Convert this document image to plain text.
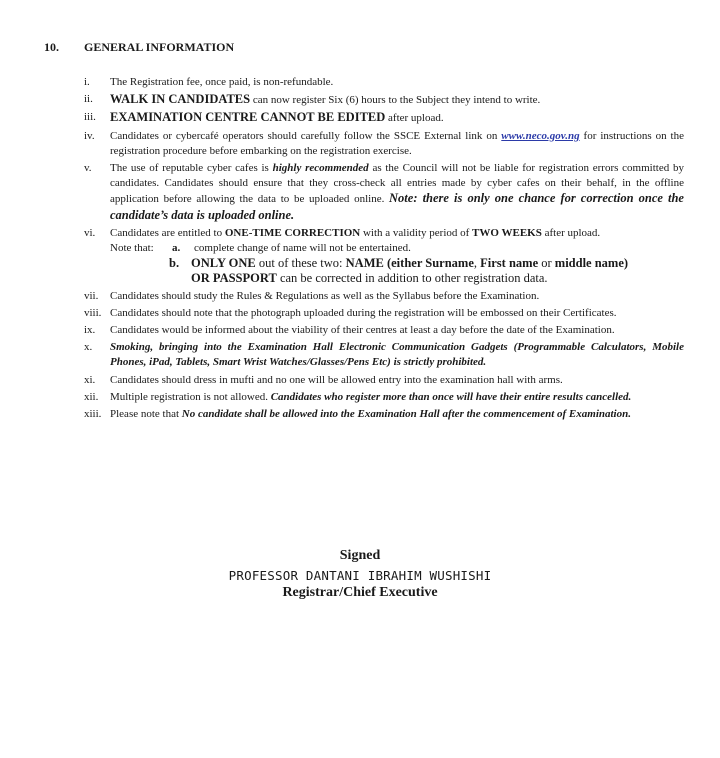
10. GENERAL INFORMATION
i.	The Registration fee, once paid, is non-refundable.
ii.	WALK IN CANDIDATES can now register Six (6) hours to the Subject they intend to write.
iii.	EXAMINATION CENTRE CANNOT BE EDITED after upload.
iv.	Candidates or cybercafé operators should carefully follow the SSCE External link on www.neco.gov.ng for instructions on the registration procedure before embarking on the registration exercise.
v.	The use of reputable cyber cafes is highly recommended as the Council will not be liable for registration errors committed by candidates. Candidates should ensure that they cross-check all entries made by cyber cafes on their behalf, in the offline application before allowing the data to be uploaded online. Note: there is only one chance for correction once the candidate’s data is uploaded online.
vi.	Candidates are entitled to ONE-TIME CORRECTION with a validity period of TWO WEEKS after upload.
Note that:	a.	complete change of name will not be entertained.
b. ONLY ONE out of these two: NAME (either Surname, First name or middle name)
OR PASSPORT can be corrected in addition to other registration data.
vii.	Candidates should study the Rules & Regulations as well as the Syllabus before the Examination.
viii. Candidates should note that the photograph uploaded during the registration will be embossed on their Certificates.
ix.	Candidates would be informed about the viability of their centres at least a day before the date of the Examination.
x.	Smoking, bringing into the Examination Hall Electronic Communication Gadgets (Programmable Calculators, Mobile Phones, iPad, Tablets, Smart Wrist Watches/Glasses/Pens Etc) is strictly prohibited.
xi.	Candidates should dress in mufti and no one will be allowed entry into the examination hall with arms.
xii.	Multiple registration is not allowed. Candidates who register more than once will have their entire results cancelled.
xiii. Please note that No candidate shall be allowed into the Examination Hall after the commencement of Examination.
Signed
PROFESSOR DANTANI IBRAHIM WUSHISHI
Registrar/Chief Executive
